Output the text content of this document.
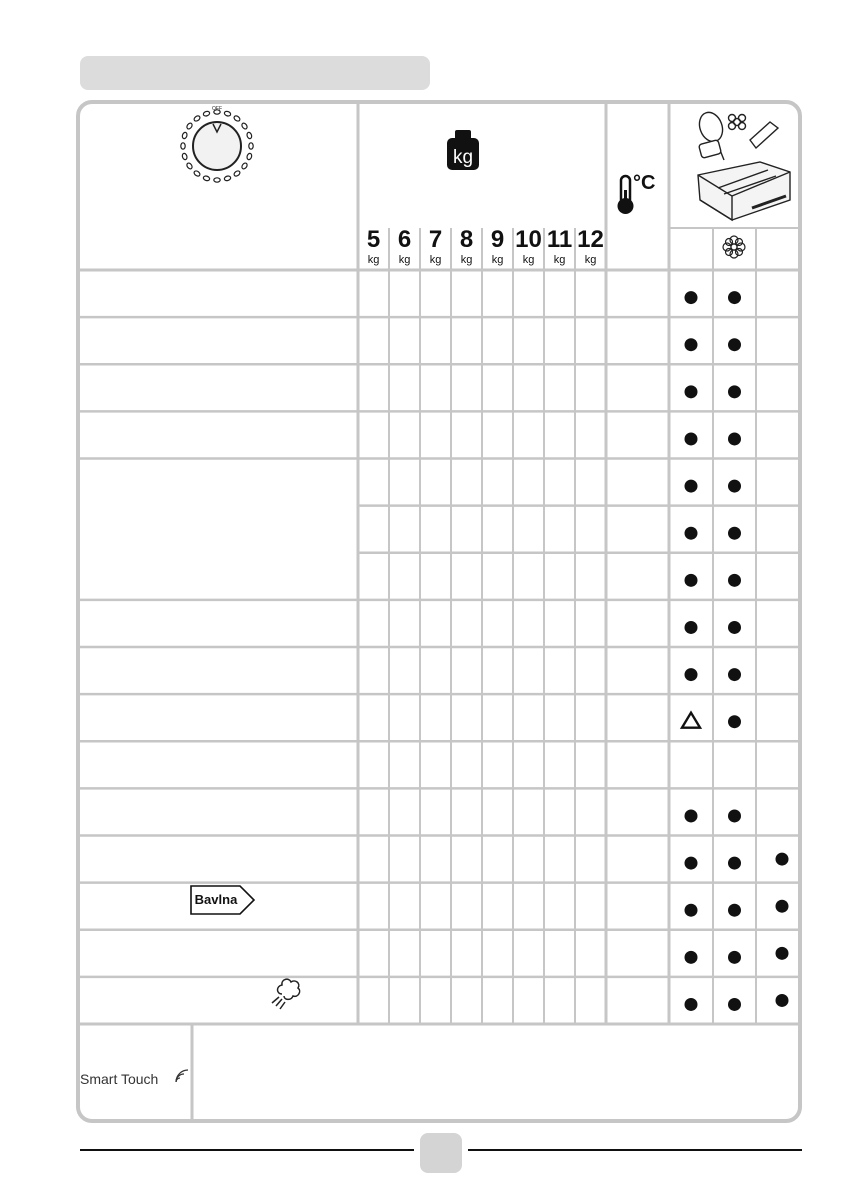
OFF
kg
5
kg
6
kg
7
kg
8
kg
9
kg
10
kg
11
kg
12
kg
°C
Bavlna
Smart Touch
